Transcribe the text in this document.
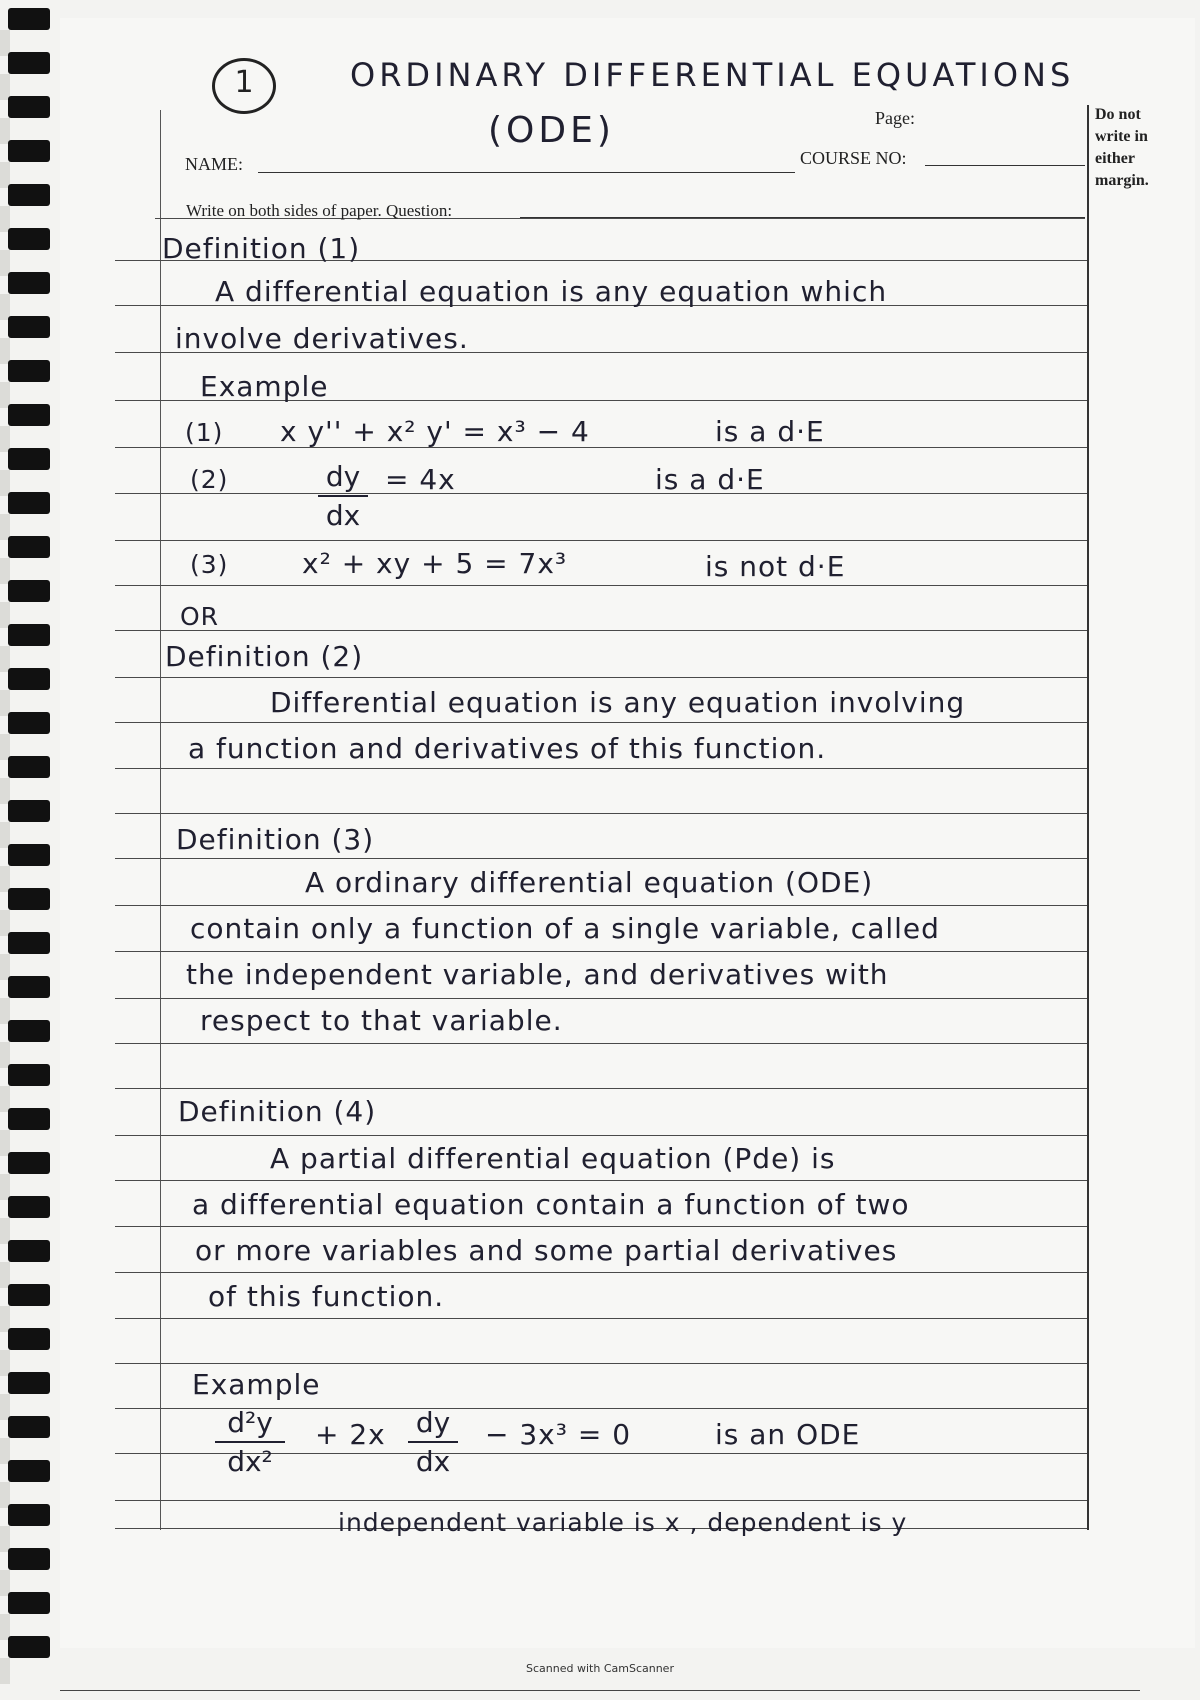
1	ORDINARY DIFFERENTIAL EQUATIONS
(ODE)	Page:
NAME:	COURSE NO:
Write on both sides of paper. Question:
Do not
write in
either
margin.
Definition (1)
A differential equation is any equation which
involve derivatives.
Example
(1) x y'' + x² y' = x³ − 4	is a d·E
(2)	dy
dx
= 4x	is a d·E
(3)	x² + xy + 5 = 7x³	is not d·E
OR
Definition (2)
Differential equation is any equation involving
a function and derivatives of this function.
Definition (3)
A ordinary differential equation (ODE)
contain only a function of a single variable, called
the independent variable, and derivatives with
respect to that variable.
Definition (4)
A partial differential equation (Pde) is
a differential equation contain a function of two
or more variables and some partial derivatives
of this function.
Example
d²y
dx²
+ 2x dy
dx
− 3x³ = 0	is an ODE
independent variable is x , dependent is y
Scanned with CamScanner
